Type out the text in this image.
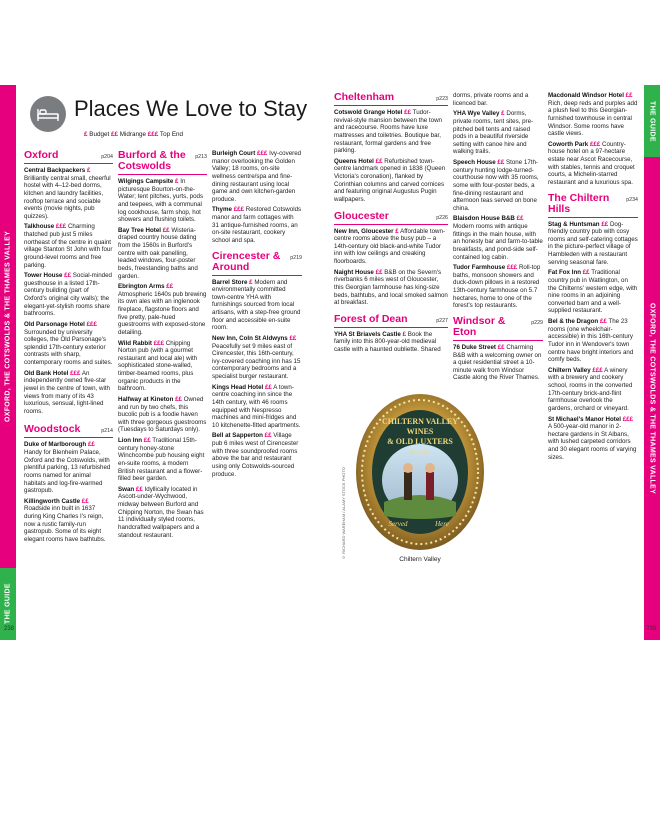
THE GUIDE
OXFORD, THE COTSWOLDS & THE THAMES VALLEY
THE GUIDE
OXFORD, THE COTSWOLDS & THE THAMES VALLEY
Places We Love to Stay
£ Budget ££ Midrange £££ Top End
Oxford	p204
Central Backpackers £ Brilliantly central small, cheerful hostel with 4–12-bed dorms, kitchen and laundry facilities, rooftop terrace and sociable events (movie nights, pub quizzes).
Talkhouse £££ Charming thatched pub just 5 miles northeast of the centre in quaint village Stanton St John with four ground-level rooms and free parking.
Tower House ££ Social-minded guesthouse in a listed 17th-century building (part of Oxford's original city walls); the elegant-yet-stylish rooms share bathrooms.
Old Parsonage Hotel £££ Surrounded by university colleges, the Old Parsonage's splendid 17th-century exterior contrasts with sharp, contemporary rooms and suites.
Old Bank Hotel £££ An independently owned five-star jewel in the centre of town, with views from many of its 43 luxurious, sensual, light-lined rooms.
Woodstock	p214
Duke of Marlborough ££ Handy for Blenheim Palace, Oxford and the Cotswolds, with plentiful parking, 13 refurbished rooms named for animal habitats and log-fire-warmed gastropub.
Killingworth Castle ££ Roadside inn built in 1637 during King Charles I's reign, now a rustic family-run gastropub. Some of its eight elegant rooms have bathtubs.
Burford & the Cotswolds
p213
Wilgings Campsite £ In picturesque Bourton-on-the-Water; tent pitches, yurts, pods and teepees, with a communal log cookhouse, farm shop, hot showers and flushing toilets.
Bay Tree Hotel ££ Wisteria-draped country house dating from the 1560s in Burford's centre with oak panelling, leaded windows, four-poster beds, freestanding baths and garden.
Ebrington Arms ££ Atmospheric 1640s pub brewing its own ales with an inglenook fireplace, flagstone floors and five pretty, pale-hued guestrooms with exposed-stone detailing.
Wild Rabbit £££ Chipping Norton pub (with a gourmet restaurant and local ale) with sophisticated stone-walled, timber-beamed rooms, plus organic products in the bathroom.
Halfway at Kineton ££ Owned and run by two chefs, this bucolic pub is a foodie haven with three gorgeous guestrooms (Tuesdays to Saturdays only).
Lion Inn ££ Traditional 15th-century honey-stone Winchcombe pub housing eight en-suite rooms, a modern British restaurant and a flower-filled beer garden.
Swan ££ Idyllically located in Ascott-under-Wychwood, midway between Burford and Chipping Norton, the Swan has 11 individually styled rooms, handcrafted wallpapers and a standout restaurant.
Burleigh Court £££ Ivy-covered manor overlooking the Golden Valley; 18 rooms, on-site wellness centre/spa and fine-dining restaurant using local game and own kitchen-garden produce.
Thyme £££ Restored Cotswolds manor and farm cottages with 31 antique-furnished rooms, an on-site restaurant, cookery school and spa.
Cirencester & Around
p219
Barrel Store £ Modern and environmentally committed town-centre YHA with furnishings sourced from local artisans, with a step-free ground floor and accessible en-suite room.
New Inn, Coln St Aldwyns ££ Peacefully set 9 miles east of Cirencester, this 16th-century, ivy-covered coaching inn has 15 contemporary bedrooms and a specialist burger restaurant.
Kings Head Hotel ££ A town-centre coaching inn since the 14th century, with 46 rooms equipped with Nespresso machines and mini-fridges and 10 kitchenette-fitted apartments.
Bell at Sapperton ££ Village pub 6 miles west of Cirencester with three soundproofed rooms above the bar and restaurant using only Cotswolds-sourced produce.
Cheltenham	p223
Cotswold Grange Hotel ££ Tudor-revival-style mansion between the town and racecourse. Rooms have luxe mattresses and toiletries. Boutique bar, restaurant, formal gardens and free parking.
Queens Hotel ££ Refurbished town-centre landmark opened in 1838 (Queen Victoria's coronation), flanked by Corinthian columns and carved cornices and featuring original Augustus Pugin wallpapers.
Gloucester	p226
New Inn, Gloucester £ Affordable town-centre rooms above the busy pub – a 14th-century old black-and-white Tudor inn with low ceilings and creaking floorboards.
Naight House ££ B&B on the Severn's riverbanks 6 miles west of Gloucester, this Georgian farmhouse has king-size beds, bathtubs, and local smoked salmon at breakfast.
Forest of Dean	p227
YHA St Briavels Castle £ Book the family into this 800-year-old medieval castle with a haunted oubliette. Shared
dorms, private rooms and a licenced bar.
YHA Wye Valley £ Dorms, private rooms, tent sites, pre-pitched bell tents and raised pods in a beautiful riverside setting with canoe hire and walking trails.
Speech House ££ Stone 17th-century hunting lodge-turned-courthouse now with 35 rooms, some with four-poster beds, a fine-dining restaurant and afternoon teas served on bone china.
Blaisdon House B&B ££ Modern rooms with antique fittings in the main house, with an honesty bar and farm-to-table breakfasts, and pond-side self-contained log cabin.
Tudor Farmhouse £££ Roll-top baths, monsoon showers and duck-down pillows in a restored 13th-century farmhouse on 5.7 hectares, home to one of the forest's top restaurants.
Windsor & Eton
p229
76 Duke Street ££ Charming B&B with a welcoming owner on a quiet residential street a 10-minute walk from Windsor Castle along the River Thames.
Macdonald Windsor Hotel ££ Rich, deep reds and purples add a plush feel to this Georgian-furnished townhouse in central Windsor. Some rooms have castle views.
Coworth Park £££ Country-house hotel on a 97-hectare estate near Ascot Racecourse, with stables, tennis and croquet courts, a Michelin-starred restaurant and a luxurious spa.
The Chiltern Hills
p234
Stag & Huntsman ££ Dog-friendly country pub with cosy rooms and self-catering cottages in the picture-perfect village of Hambleden with a restaurant serving seasonal fare.
Fat Fox Inn ££ Traditional country pub in Watlington, on the Chilterns' western edge, with nine rooms in an adjoining converted barn and a well-supplied restaurant.
Bel & the Dragon ££ The 23 rooms (one wheelchair-accessible) in this 16th-century Tudor inn in Wendover's town centre have bright interiors and comfy beds.
Chiltern Valley £££ A winery with a brewery and cookery school, rooms in the converted 17th-century brick-and-flint farmhouse overlook the gardens, orchard or vineyard.
St Michael's Manor Hotel £££ A 500-year-old manor in 2-hectare gardens in St Albans, with lushed carpeted corridors and 30 elegant rooms of varying sizes.
CHILTERN VALLEY
WINES
& OLD LUXTERS
Real Ale
Served	Here
Chiltern Valley
© RICHARD WAREHAM / ALAMY STOCK PHOTO
238	239
